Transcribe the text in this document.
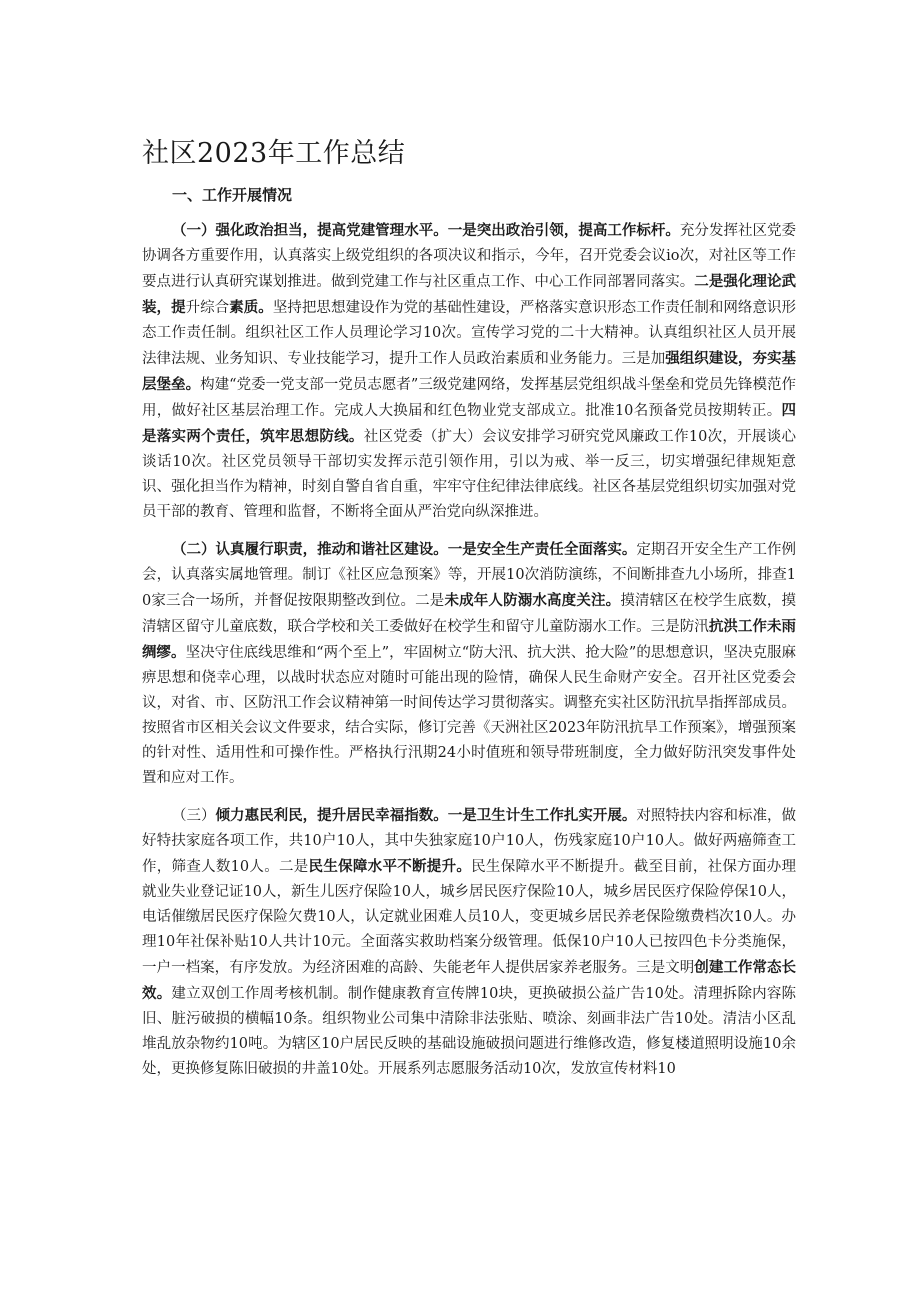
社区2023年工作总结
一、工作开展情况

（一）强化政治担当，提高党建管理水平。一是突出政治引领，提高工作标杆。充分发挥社区党委协调各方重要作用，认真落实上级党组织的各项决议和指示，今年，召开党委会议io次，对社区等工作要点进行认真研究谋划推进。做到党建工作与社区重点工作、中心工作同部署同落实。二是强化理论武装，提升综合素质。坚持把思想建设作为党的基础性建设，严格落实意识形态工作责任制和网络意识形态工作责任制。组织社区工作人员理论学习10次。宣传学习党的二十大精神。认真组织社区人员开展法律法规、业务知识、专业技能学习，提升工作人员政治素质和业务能力。三是加强组织建设，夯实基层堡垒。构建“党委一党支部一党员志愿者”三级党建网络，发挥基层党组织战斗堡垒和党员先锋模范作用，做好社区基层治理工作。完成人大换届和红色物业党支部成立。批准10名预备党员按期转正。四是落实两个责任，筑牢思想防线。社区党委（扩大）会议安排学习研究党风廉政工作10次，开展谈心谈话10次。社区党员领导干部切实发挥示范引领作用，引以为戒、举一反三，切实增强纪律规矩意识、强化担当作为精神，时刻自警自省自重，牢牢守住纪律法律底线。社区各基层党组织切实加强对党员干部的教育、管理和监督，不断将全面从严治党向纵深推进。

（二）认真履行职责，推动和谐社区建设。一是安全生产责任全面落实。定期召开安全生产工作例会，认真落实属地管理。制订《社区应急预案》等，开展10次消防演练，不间断排查九小场所，排查10家三合一场所，并督促按限期整改到位。二是未成年人防溺水高度关注。摸清辖区在校学生底数，摸清辖区留守儿童底数，联合学校和关工委做好在校学生和留守儿童防溺水工作。三是防汛抗洪工作未雨绸缪。坚决守住底线思维和“两个至上”，牢固树立“防大汛、抗大洪、抢大险”的思想意识，坚决克服麻痹思想和侥幸心理，以战时状态应对随时可能出现的险情，确保人民生命财产安全。召开社区党委会议，对省、市、区防汛工作会议精神第一时间传达学习贯彻落实。调整充实社区防汛抗旱指挥部成员。按照省市区相关会议文件要求，结合实际，修订完善《天洲社区2023年防汛抗旱工作预案》，增强预案的针对性、适用性和可操作性。严格执行汛期24小时值班和领导带班制度，全力做好防汛突发事件处置和应对工作。

（三）倾力惠民利民，提升居民幸福指数。一是卫生计生工作扎实开展。对照特扶内容和标准，做好特扶家庭各项工作，共10户10人，其中失独家庭10户10人，伤残家庭10户10人。做好两癌筛查工作，筛查人数10人。二是民生保障水平不断提升。民生保障水平不断提升。截至目前，社保方面办理就业失业登记证10人，新生儿医疗保险10人，城乡居民医疗保险10人，城乡居民医疗保险停保10人，电话催缴居民医疗保险欠费10人，认定就业困难人员10人，变更城乡居民养老保险缴费档次10人。办理10年社保补贴10人共计10元。全面落实救助档案分级管理。低保10户10人已按四色卡分类施保，一户一档案，有序发放。为经济困难的高龄、失能老年人提供居家养老服务。三是文明创建工作常态长效。建立双创工作周考核机制。制作健康教育宣传牌10块，更换破损公益广告10处。清理拆除内容陈旧、脏污破损的横幅10条。组织物业公司集中清除非法张贴、喷涂、刻画非法广告10处。清洁小区乱堆乱放杂物约10吨。为辖区10户居民反映的基础设施破损问题进行维修改造，修复楼道照明设施10余处，更换修复陈旧破损的井盖10处。开展系列志愿服务活动10次，发放宣传材料10
